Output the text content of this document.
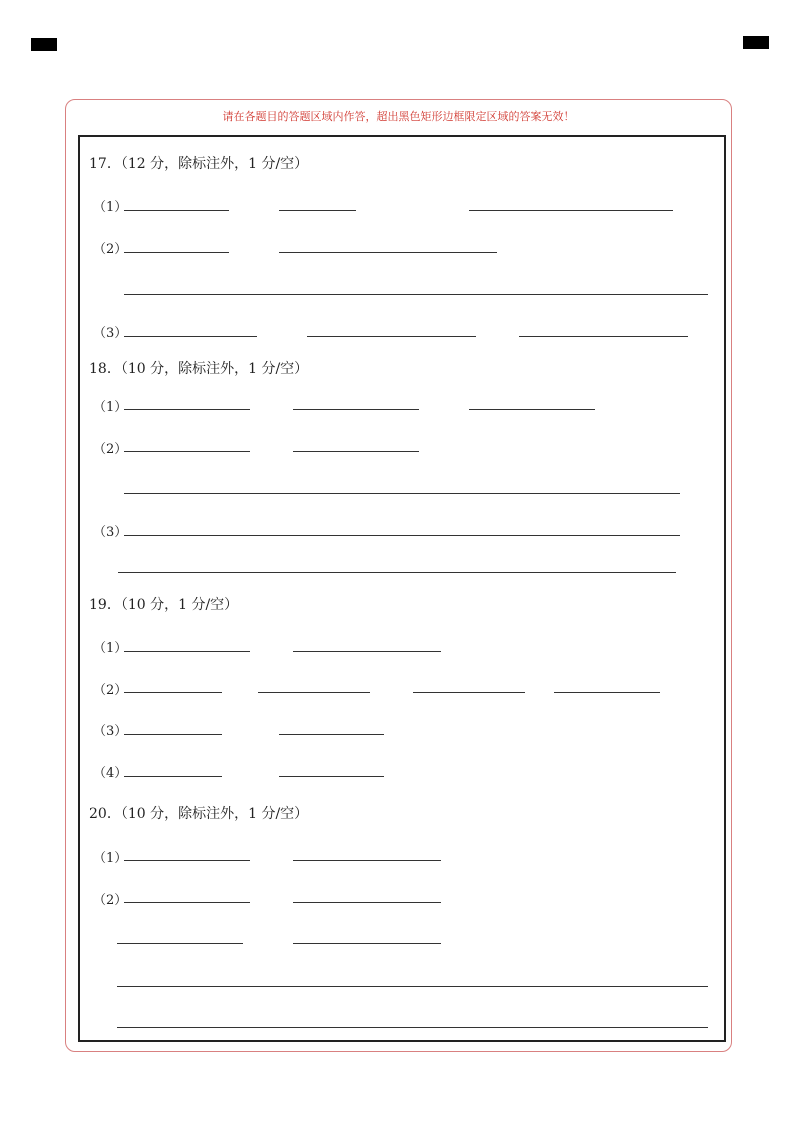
请在各题目的答题区域内作答，超出黑色矩形边框限定区域的答案无效！
17．（12 分，除标注外，1 分/空）
（1）
（2）
（3）
18．（10 分，除标注外，1 分/空）
（1）
（2）
（3）
19．（10 分，1 分/空）
（1）
（2）
（3）
（4）
20．（10 分，除标注外，1 分/空）
（1）
（2）
